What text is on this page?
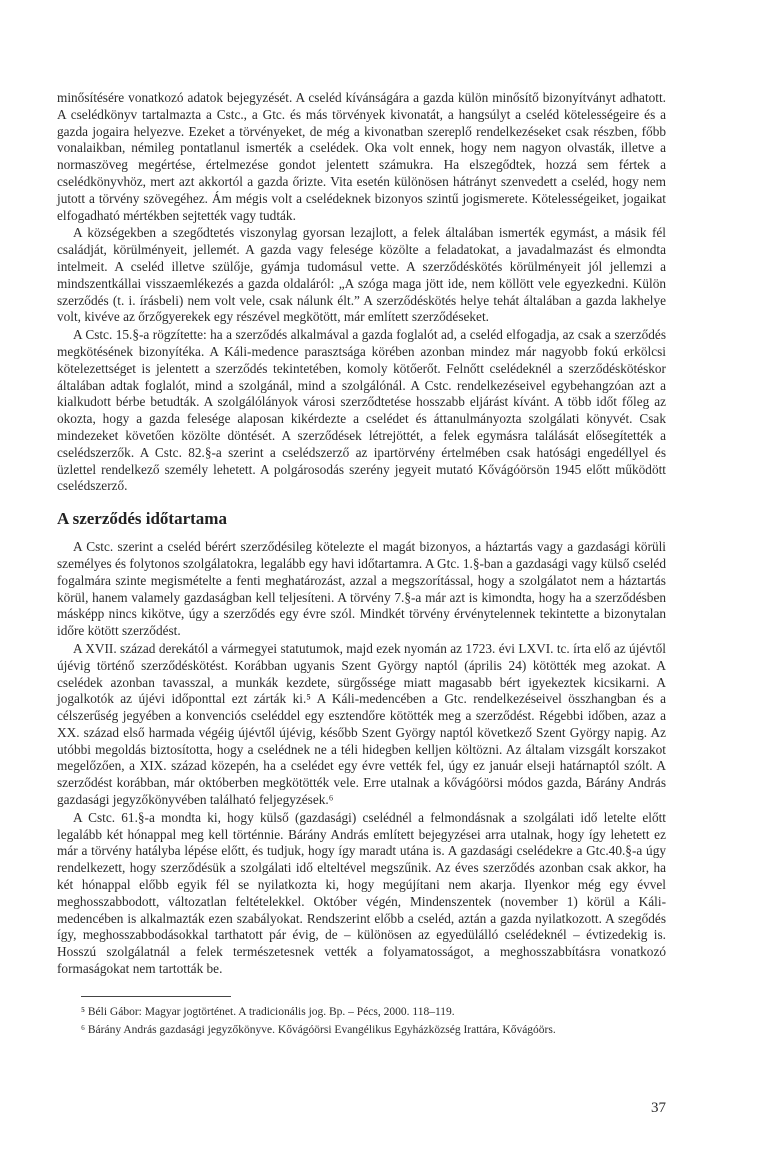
minősítésére vonatkozó adatok bejegyzését. A cseléd kívánságára a gazda külön minősítő bizonyítványt adhatott. A cselédkönyv tartalmazta a Cstc., a Gtc. és más törvények kivonatát, a hangsúlyt a cseléd kötelességeire és a gazda jogaira helyezve. Ezeket a törvényeket, de még a kivonatban szereplő rendelkezéseket csak részben, főbb vonalaikban, némileg pontatlanul ismerték a cselédek. Oka volt ennek, hogy nem nagyon olvasták, illetve a normaszöveg megértése, értelmezése gondot jelentett számukra. Ha elszegődtek, hozzá sem fértek a cselédkönyvhöz, mert azt akkortól a gazda őrizte. Vita esetén különösen hátrányt szenvedett a cseléd, hogy nem jutott a törvény szövegéhez. Ám mégis volt a cselédeknek bizonyos szintű jogismerete. Kötelességeiket, jogaikat elfogadható mértékben sejtették vagy tudták.

A községekben a szegődtetés viszonylag gyorsan lezajlott, a felek általában ismerték egymást, a másik fél családját, körülményeit, jellemét. A gazda vagy felesége közölte a feladatokat, a javadalmazást és elmondta intelmeit. A cseléd illetve szülője, gyámja tudomásul vette. A szerződéskötés körülményeit jól jellemzi a mindszentkállai visszaemlékezés a gazda oldaláról: „A szóga maga jött ide, nem köllött vele egyezkedni. Külön szerződés (t. i. írásbeli) nem volt vele, csak nálunk élt.” A szerződéskötés helye tehát általában a gazda lakhelye volt, kivéve az őrzőgyerekek egy részével megkötött, már említett szerződéseket.

A Cstc. 15.§-a rögzítette: ha a szerződés alkalmával a gazda foglalót ad, a cseléd elfogadja, az csak a szerződés megkötésének bizonyítéka. A Káli-medence parasztsága körében azonban mindez már nagyobb fokú erkölcsi kötelezettséget is jelentett a szerződés tekintetében, komoly kötőerőt. Felnőtt cselédeknél a szerződéskötéskor általában adtak foglalót, mind a szolgánál, mind a szolgálónál. A Cstc. rendelkezéseivel egybehangzóan azt a kialkudott bérbe betudták. A szolgálólányok városi szerződtetése hosszabb eljárást kívánt. A több időt főleg az okozta, hogy a gazda felesége alaposan kikérdezte a cselédet és áttanulmányozta szolgálati könyvét. Csak mindezeket követően közölte döntését. A szerződések létrejöttét, a felek egymásra találását elősegítették a cselédszerzők. A Cstc. 82.§-a szerint a cselédszerző az ipartörvény értelmében csak hatósági engedéllyel és üzlettel rendelkező személy lehetett. A polgárosodás szerény jegyeit mutató Kővágóörsön 1945 előtt működött cselédszerző.

A szerződés időtartama

A Cstc. szerint a cseléd bérért szerződésileg kötelezte el magát bizonyos, a háztartás vagy a gazdasági körüli személyes és folytonos szolgálatokra, legalább egy havi időtartamra. A Gtc. 1.§-ban a gazdasági vagy külső cseléd fogalmára szinte megismételte a fenti meghatározást, azzal a megszorítással, hogy a szolgálatot nem a háztartás körül, hanem valamely gazdaságban kell teljesíteni. A törvény 7.§-a már azt is kimondta, hogy ha a szerződésben másképp nincs kikötve, úgy a szerződés egy évre szól. Mindkét törvény érvénytelennek tekintette a bizonytalan időre kötött szerződést.

A XVII. század derekától a vármegyei statutumok, majd ezek nyomán az 1723. évi LXVI. tc. írta elő az újévtől újévig történő szerződéskötést. Korábban ugyanis Szent György naptól (április 24) kötötték meg azokat. A cselédek azonban tavasszal, a munkák kezdete, sürgőssége miatt magasabb bért igyekeztek kicsikarni. A jogalkotók az újévi időponttal ezt zárták ki.⁵ A Káli-medencében a Gtc. rendelkezéseivel összhangban és a célszerűség jegyében a konvenciós cseléddel egy esztendőre kötötték meg a szerződést. Régebbi időben, azaz a XX. század első harmada végéig újévtől újévig, később Szent György naptól következő Szent György napig. Az utóbbi megoldás biztosította, hogy a cselédnek ne a téli hidegben kelljen költözni. Az általam vizsgált korszakot megelőzően, a XIX. század közepén, ha a cselédet egy évre vették fel, úgy ez január elseji határnaptól szólt. A szerződést korábban, már októberben megkötötték vele. Erre utalnak a kővágóörsi módos gazda, Bárány András gazdasági jegyzőkönyvében található feljegyzések.⁶

A Cstc. 61.§-a mondta ki, hogy külső (gazdasági) cselédnél a felmondásnak a szolgálati idő letelte előtt legalább két hónappal meg kell történnie. Bárány András említett bejegyzései arra utalnak, hogy így lehetett ez már a törvény hatályba lépése előtt, és tudjuk, hogy így maradt utána is. A gazdasági cselédekre a Gtc.40.§-a úgy rendelkezett, hogy szerződésük a szolgálati idő elteltével megszűnik. Az éves szerződés azonban csak akkor, ha két hónappal előbb egyik fél se nyilatkozta ki, hogy megújítani nem akarja. Ilyenkor még egy évvel meghosszabbodott, változatlan feltételekkel. Október végén, Mindenszentek (november 1) körül a Káli-medencében is alkalmazták ezen szabályokat. Rendszerint előbb a cseléd, aztán a gazda nyilatkozott. A szegődés így, meghosszabbodásokkal tarthatott pár évig, de – különösen az egyedülálló cselédeknél – évtizedekig is. Hosszú szolgálatnál a felek természetesnek vették a folyamatosságot, a meghosszabbításra vonatkozó formaságokat nem tartották be.

⁵ Béli Gábor: Magyar jogtörténet. A tradicionális jog. Bp. – Pécs, 2000. 118–119.
⁶ Bárány András gazdasági jegyzőkönyve. Kővágóörsi Evangélikus Egyházközség Irattára, Kővágóörs.
37
